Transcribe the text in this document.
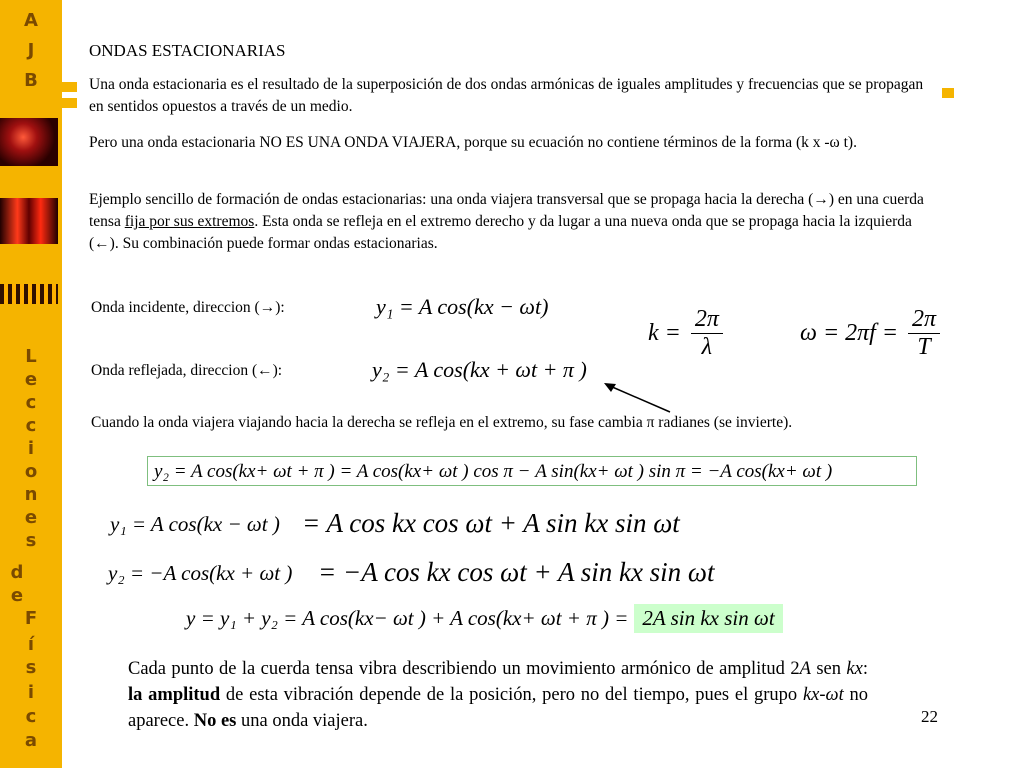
A
J
B
L
e
c
c
i
o
n
e
s
d
e
F
í
s
i
c
a
ONDAS ESTACIONARIAS
Una onda estacionaria es el resultado de la superposición de dos ondas armónicas de iguales amplitudes y frecuencias que se propagan en sentidos opuestos a través de un medio.
Pero una onda estacionaria NO ES UNA ONDA VIAJERA, porque su ecuación no contiene términos de la forma (k x -ω t).
Ejemplo sencillo de formación de ondas estacionarias: una onda viajera transversal que se propaga hacia la derecha (→) en una cuerda tensa fija por sus extremos. Esta onda se refleja en el extremo derecho y da lugar a una nueva onda que se propaga hacia la izquierda (←). Su combinación puede formar ondas estacionarias.
Onda incidente, direccion (→):	y₁ = A cos(kx − ωt)
Onda reflejada, direccion (←):	y₂ = A cos(kx + ωt + π )
$k = \frac{2\pi}{\lambda}$	$\omega = 2\pi f = \frac{2\pi}{T}$
Cuando la onda viajera viajando hacia la derecha se refleja en el extremo, su fase cambia π radianes (se invierte).
y₂ = A cos(kx+ ωt + π ) = A cos(kx+ ωt ) cos π − A sin(kx+ ωt ) sin π = −A cos(kx+ ωt )
y₁ = A cos(kx − ωt ) = A cos kx cos ωt + A sin kx sin ωt
y₂ = −A cos(kx + ωt ) = −A cos kx cos ωt + A sin kx sin ωt
y = y₁ + y₂ = A cos(kx− ωt ) + A cos(kx+ ωt + π ) = 2A sin kx sin ωt
Cada punto de la cuerda tensa vibra describiendo un movimiento armónico de amplitud 2A sen kx: la amplitud de esta vibración depende de la posición, pero no del tiempo, pues el grupo kx-ωt no aparece. No es una onda viajera.	22
